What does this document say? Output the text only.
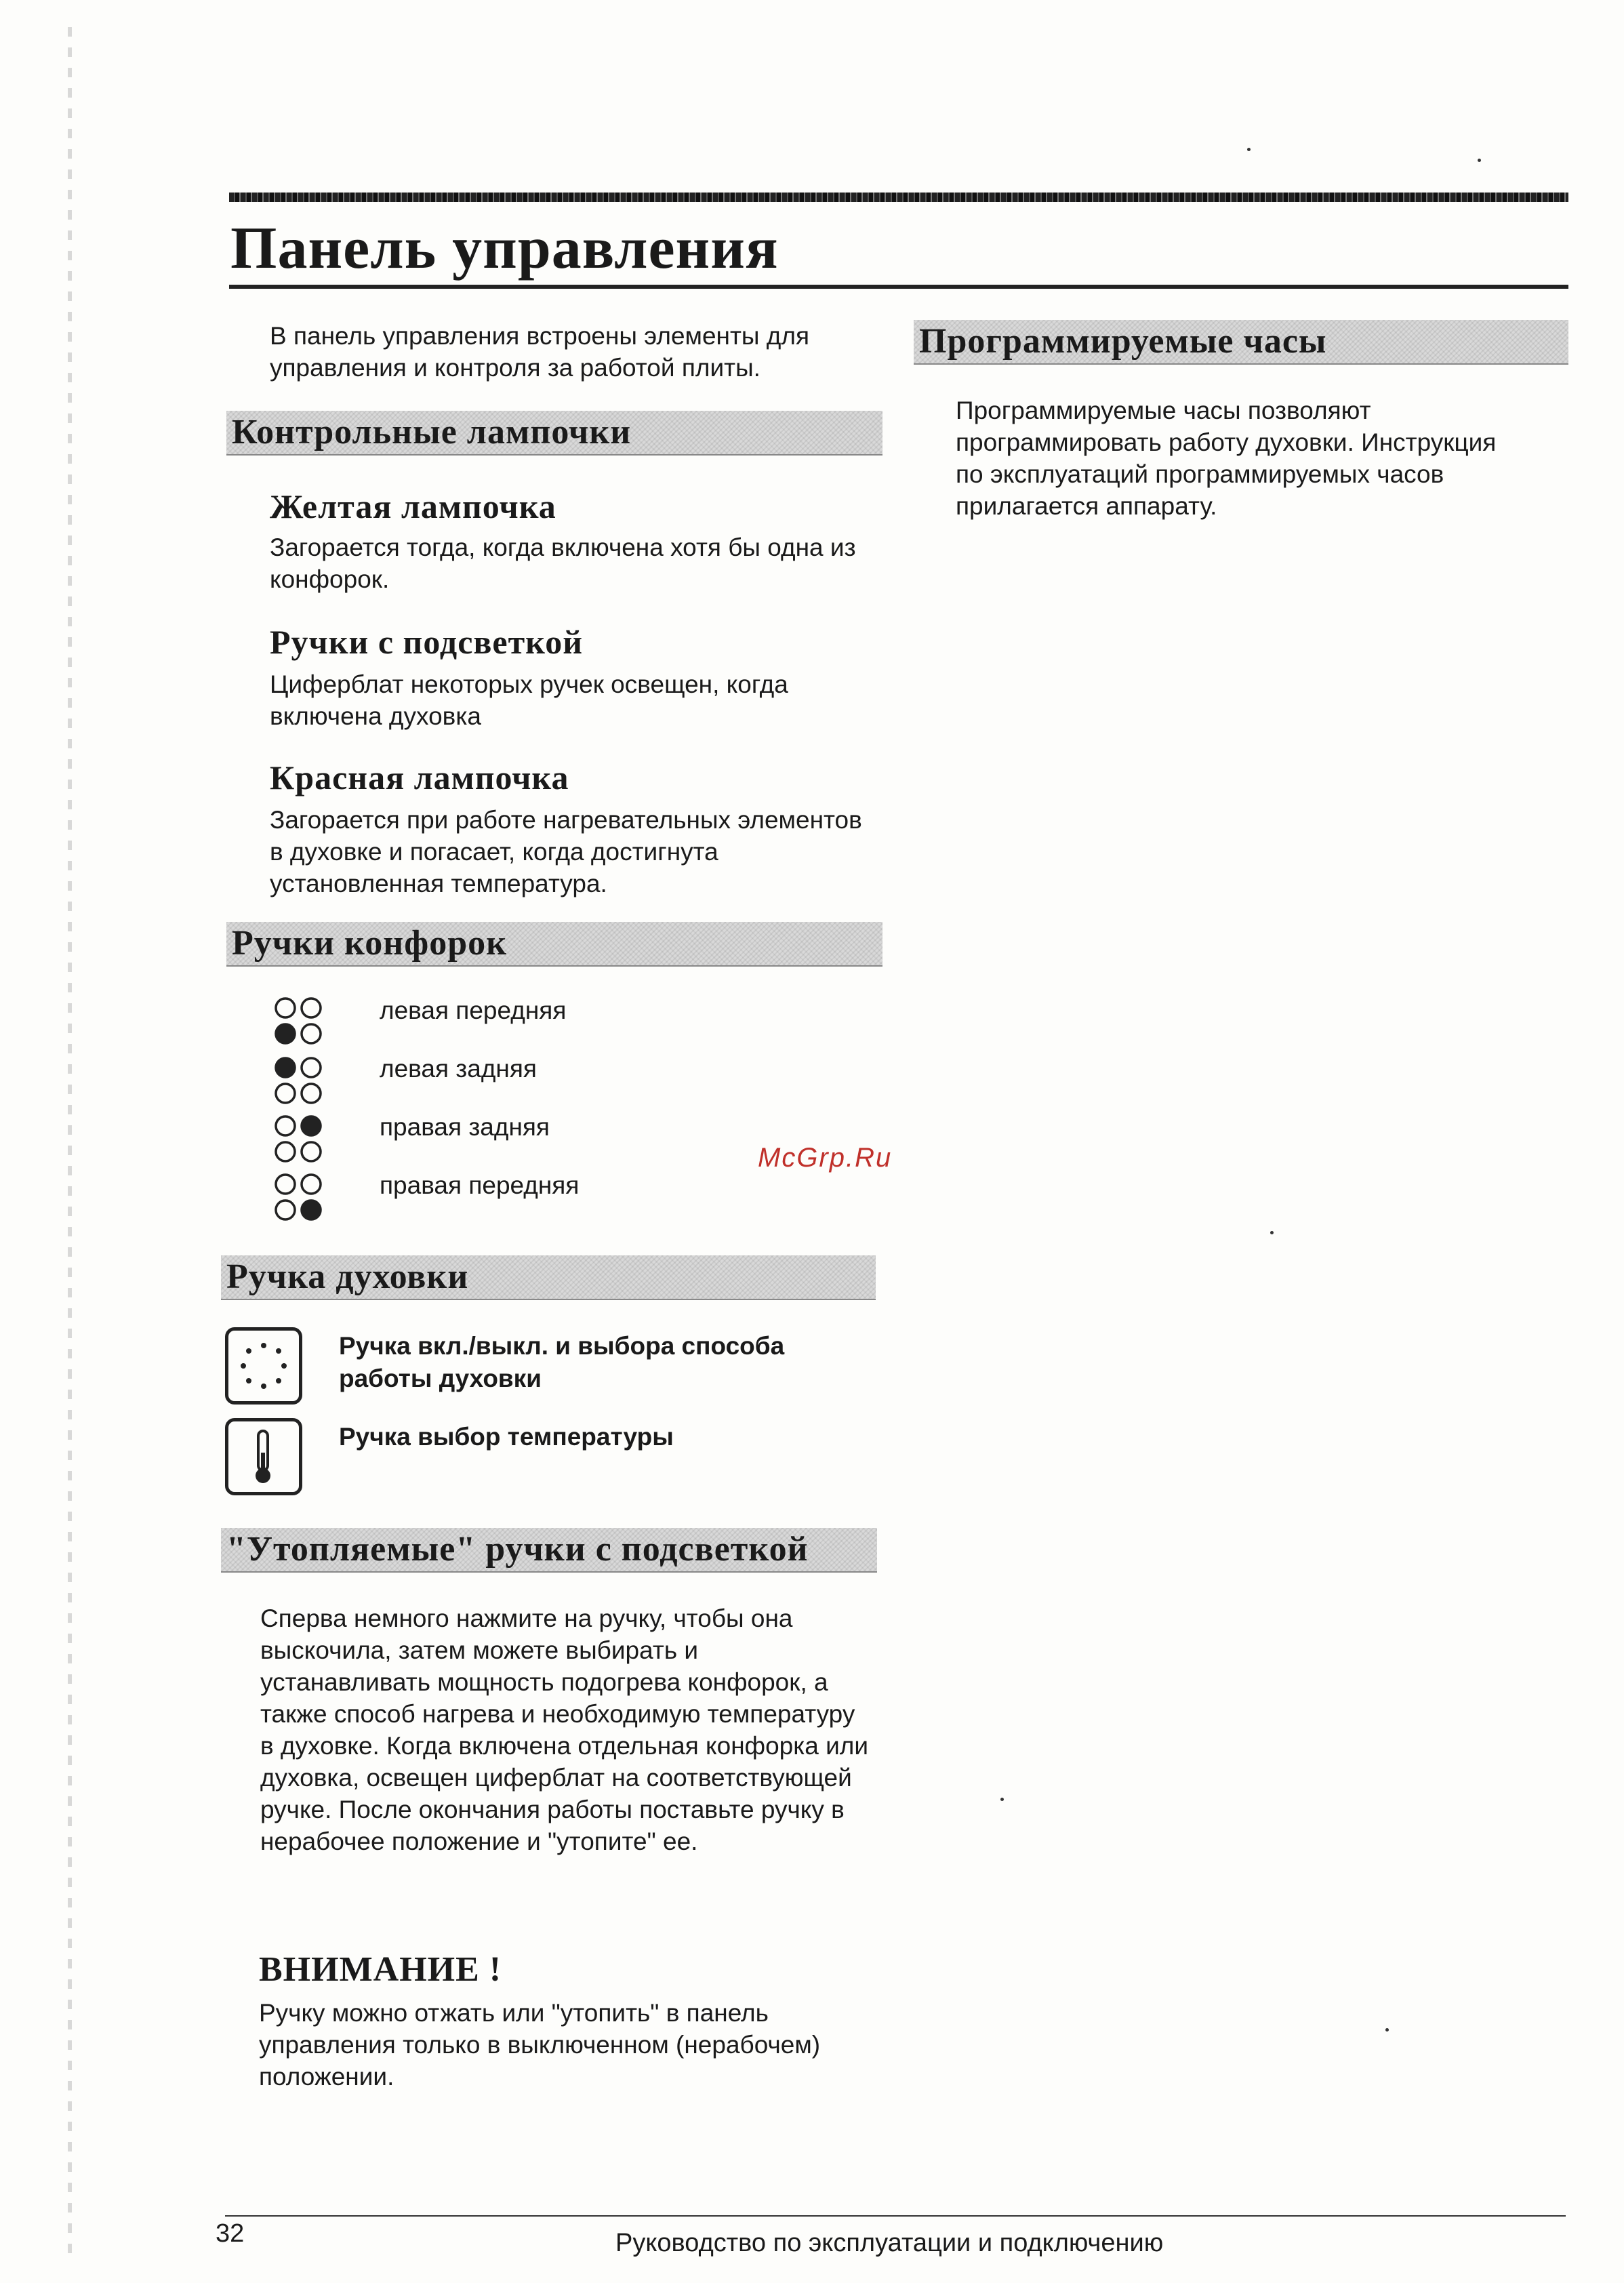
Панель управления

В панель управления встроены элементы для управления и контроля за работой плиты.

Контрольные лампочки
Желтая лампочка

Загорается тогда, когда включена хотя бы одна из конфорок.

Ручки с подсветкой

Циферблат некоторых ручек освещен, когда включена духовка

Красная лампочка

Загорается при работе нагревательных элементов в духовке и погасает, когда достигнута установленная температура.

Ручки конфорок
левая передняя
левая задняя
правая задняя
правая передняя
McGrp.Ru
Ручка духовки
Ручка вкл./выкл. и выбора способа работы духовки
Ручка выбор температуры
"Утопляемые" ручки с подсветкой

Сперва немного нажмите на ручку, чтобы она выскочила, затем можете выбирать и устанавливать мощность подогрева конфорок, а также способ нагрева и необходимую температуру в духовке. Когда включена отдельная конфорка или духовка, освещен циферблат на соответствующей ручке. После окончания работы поставьте ручку в нерабочее положение и "утопите" ее.

ВНИМАНИЕ !

Ручку можно отжать или "утопить" в панель управления только в выключенном (нерабочем) положении.

Программируемые часы

Программируемые часы позволяют программировать работу духовки. Инструкция по эксплуатаций программируемых часов прилагается аппарату.

32	Руководство по эксплуатации и подключению
